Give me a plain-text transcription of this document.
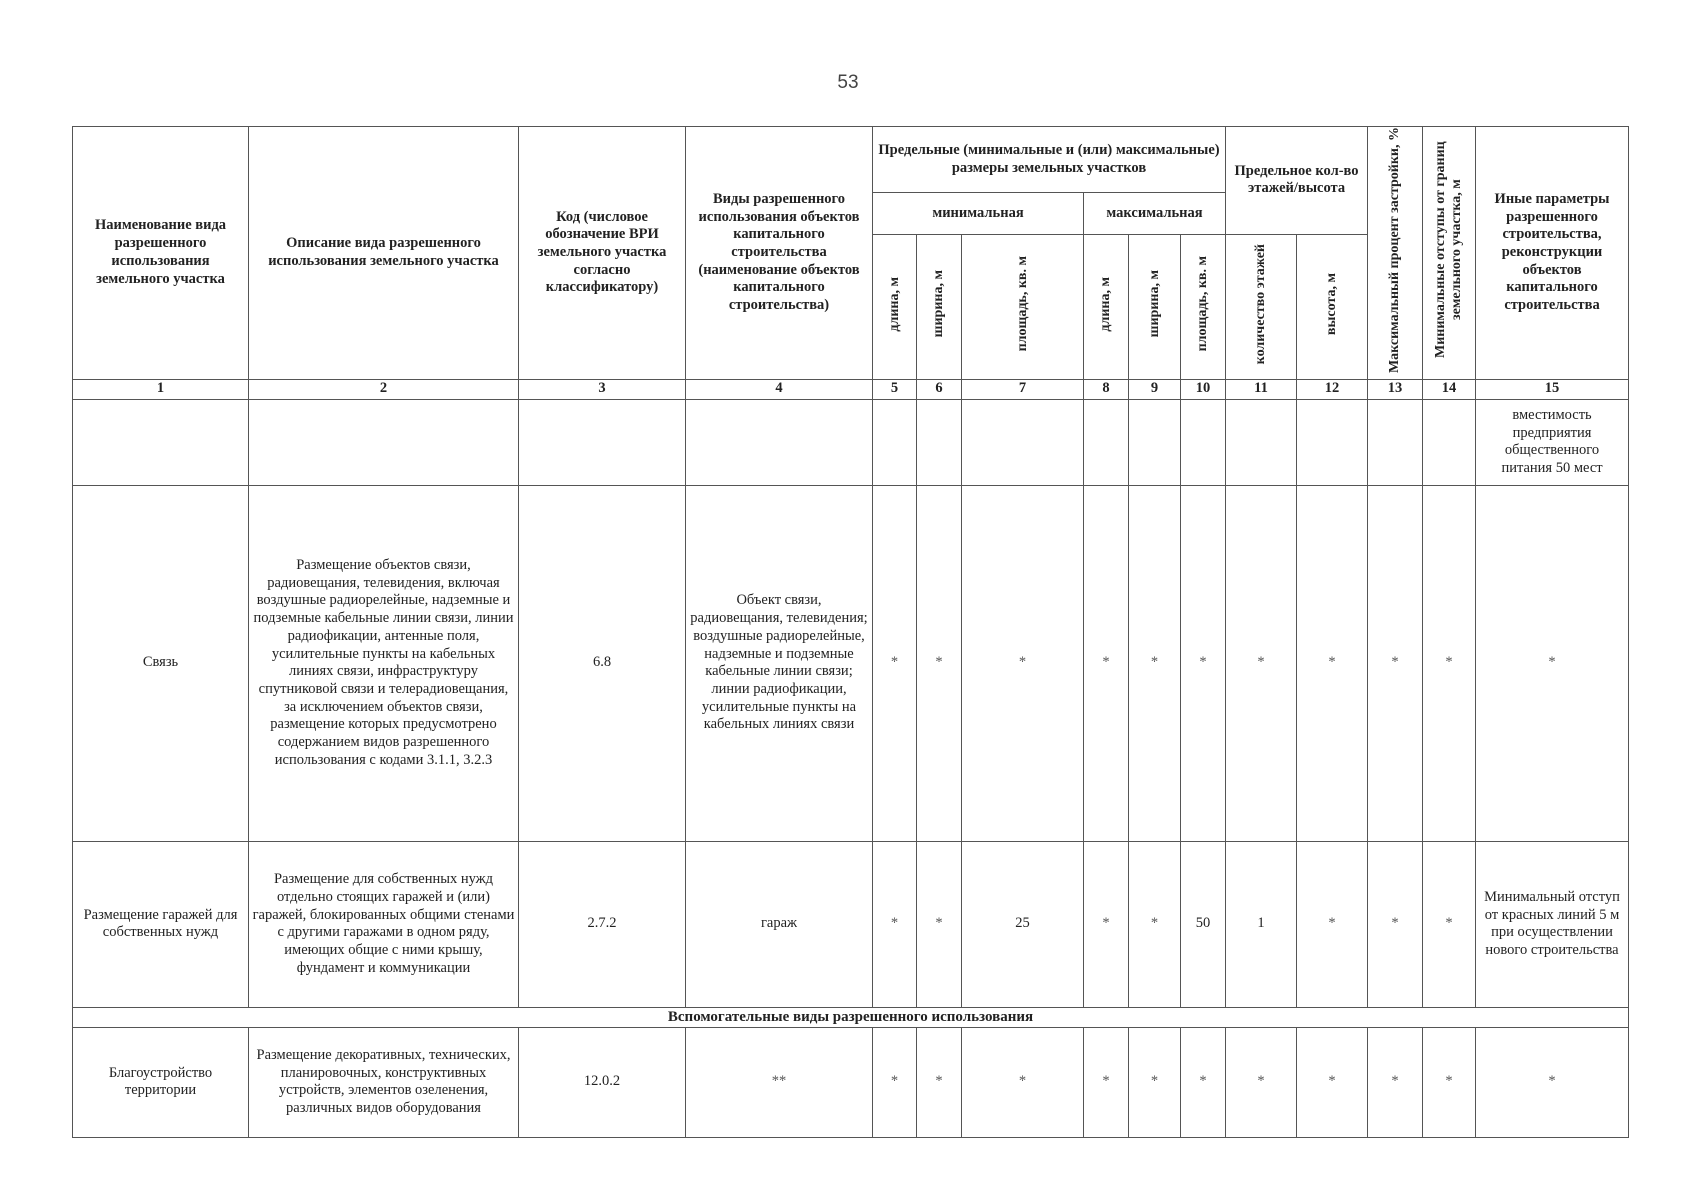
53
Наименование вида разрешенного использования земельного участка	Описание вида разрешенного использования земельного участка	Код (числовое обозначение ВРИ земельного участка согласно классификатору)	Виды разрешенного использования объектов капитального строительства (наименование объектов капитального строительства)	Предельные (минимальные и (или) максимальные) размеры земельных участков						Предельное кол-во этажей/высота		Максимальный процент застройки, %	Минимальные отступы от границ земельного участка, м	Иные параметры разрешенного строительства, реконструкции объектов капитального строительства
				минимальная			максимальная							
				длина, м	ширина, м	площадь, кв. м	длина, м	ширина, м	площадь, кв. м	количество этажей	высота, м			
1	2	3	4	5	6	7	8	9	10	11	12	13	14	15
														вместимость предприятия общественного питания 50 мест
Связь	Размещение объектов связи, радиовещания, телевидения, включая воздушные радиорелейные, надземные и подземные кабельные линии связи, линии радиофикации, антенные поля, усилительные пункты на кабельных линиях связи, инфраструктуру спутниковой связи и телерадиовещания, за исключением объектов связи, размещение которых предусмотрено содержанием видов разрешенного использования с кодами 3.1.1, 3.2.3	6.8	Объект связи, радиовещания, телевидения; воздушные радиорелейные, надземные и подземные кабельные линии связи; линии радиофикации, усилительные пункты на кабельных линиях связи	*	*	*	*	*	*	*	*	*	*	*
Размещение гаражей для собственных нужд	Размещение для собственных нужд отдельно стоящих гаражей и (или) гаражей, блокированных общими стенами с другими гаражами в одном ряду, имеющих общие с ними крышу, фундамент и коммуникации	2.7.2	гараж	*	*	25	*	*	50	1	*	*	*	Минимальный отступ от красных линий 5 м при осуществлении нового строительства
Вспомогательные виды разрешенного использования														
Благоустройство территории	Размещение декоративных, технических, планировочных, конструктивных устройств, элементов озеленения, различных видов оборудования	12.0.2	**	*	*	*	*	*	*	*	*	*	*	*
